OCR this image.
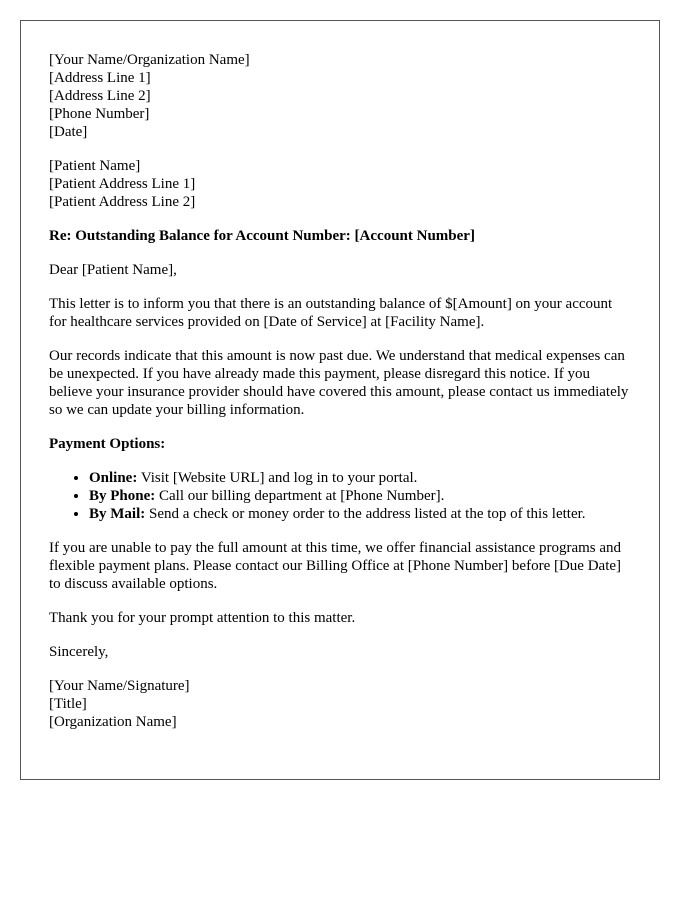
[Your Name/Organization Name]
[Address Line 1]
[Address Line 2]
[Phone Number]
[Date]
[Patient Name]
[Patient Address Line 1]
[Patient Address Line 2]
Re: Outstanding Balance for Account Number: [Account Number]

Dear [Patient Name],

This letter is to inform you that there is an outstanding balance of $[Amount] on your account for healthcare services provided on [Date of Service] at [Facility Name].

Our records indicate that this amount is now past due. We understand that medical expenses can be unexpected. If you have already made this payment, please disregard this notice. If you believe your insurance provider should have covered this amount, please contact us immediately so we can update your billing information.

Payment Options:
• Online: Visit [Website URL] and log in to your portal.
• By Phone: Call our billing department at [Phone Number].
• By Mail: Send a check or money order to the address listed at the top of this letter.

If you are unable to pay the full amount at this time, we offer financial assistance programs and flexible payment plans. Please contact our Billing Office at [Phone Number] before [Due Date] to discuss available options.

Thank you for your prompt attention to this matter.

Sincerely,

[Your Name/Signature]
[Title]
[Organization Name]
